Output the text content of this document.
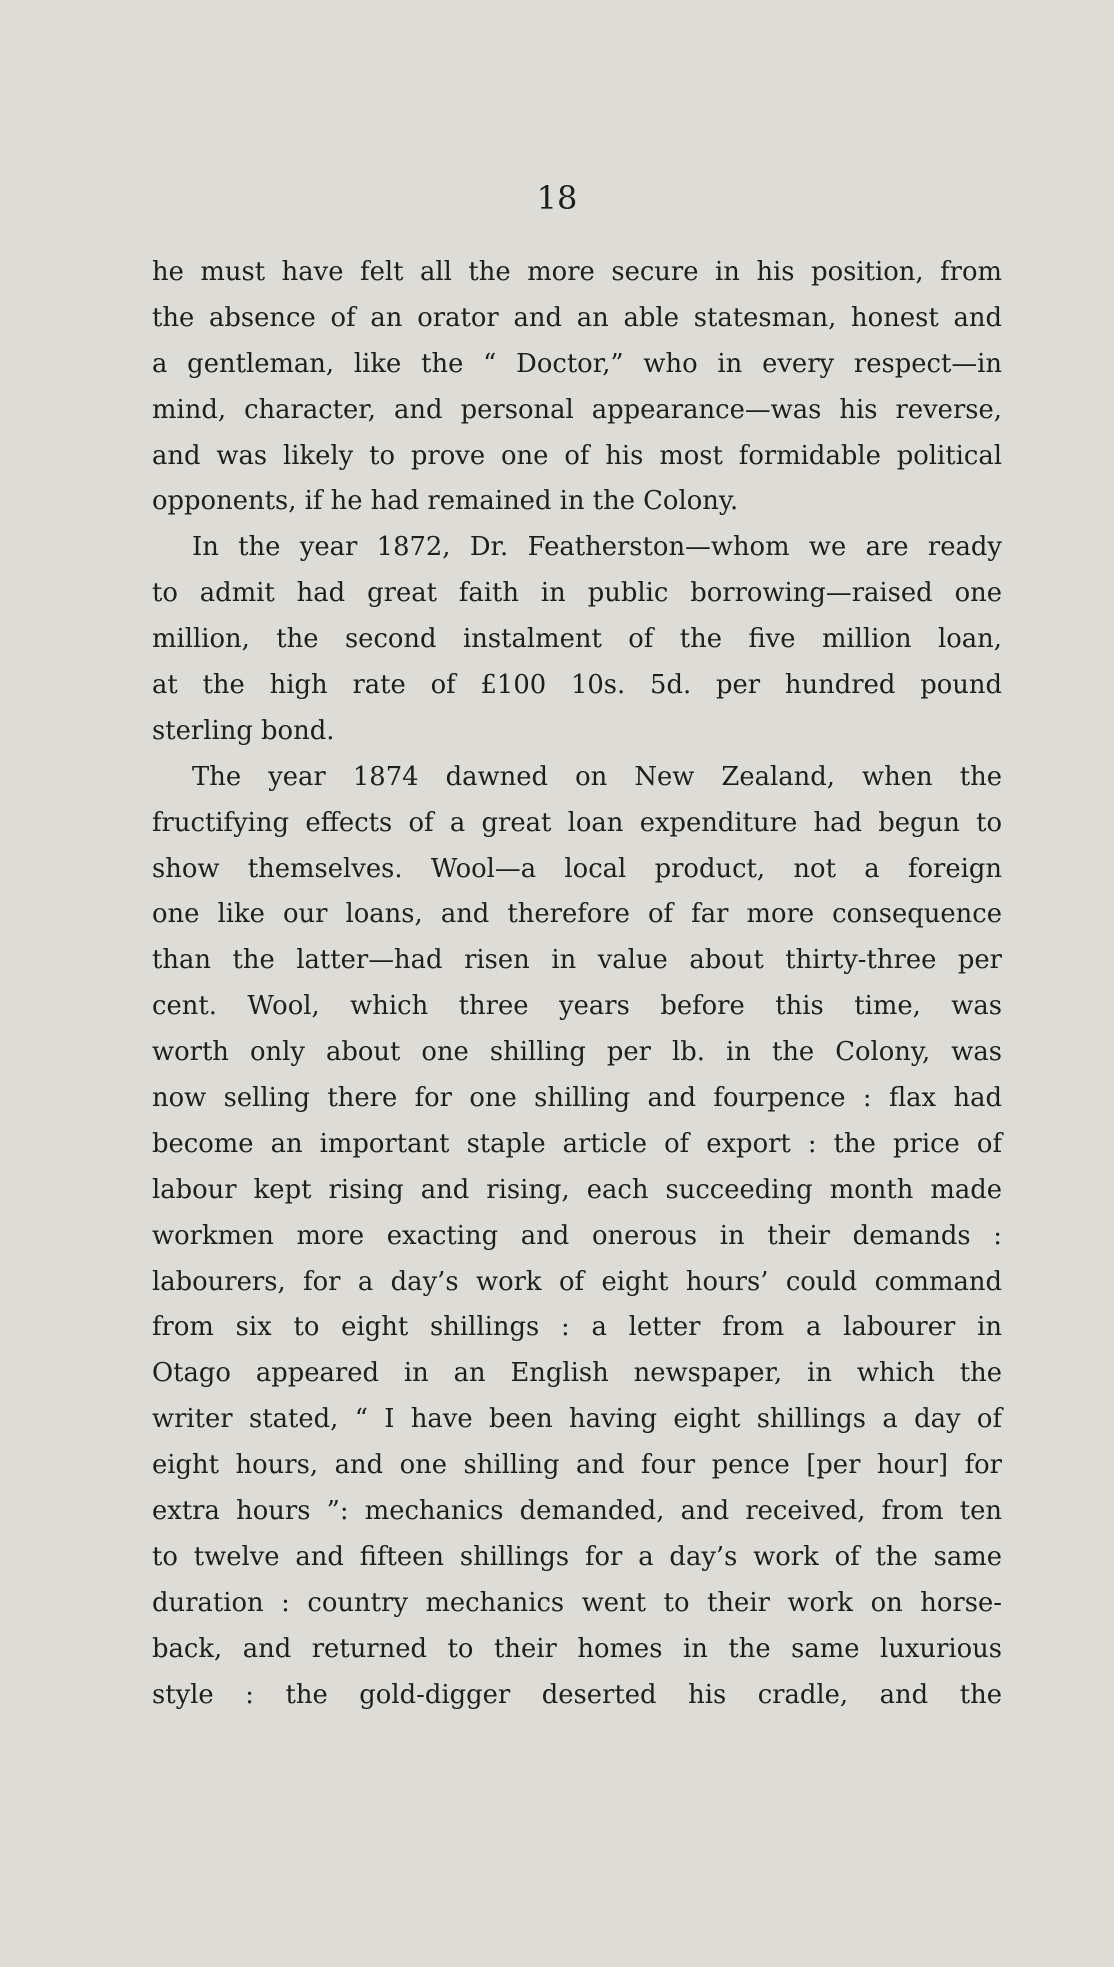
18
he must have felt all the more secure in his position, from
the absence of an orator and an able statesman, honest and
a gentleman, like the “ Doctor,” who in every respect—in
mind, character, and personal appearance—was his reverse,
and was likely to prove one of his most formidable political
opponents, if he had remained in the Colony.
In the year 1872, Dr. Featherston—whom we are ready
to admit had great faith in public borrowing—raised one
million, the second instalment of the five million loan,
at the high rate of £100 10s. 5d. per hundred pound
sterling bond.
The year 1874 dawned on New Zealand, when the
fructifying effects of a great loan expenditure had begun to
show themselves. Wool—a local product, not a foreign
one like our loans, and therefore of far more consequence
than the latter—had risen in value about thirty-three per
cent. Wool, which three years before this time, was
worth only about one shilling per lb. in the Colony, was
now selling there for one shilling and fourpence : flax had
become an important staple article of export : the price of
labour kept rising and rising, each succeeding month made
workmen more exacting and onerous in their demands :
labourers, for a day’s work of eight hours’ could command
from six to eight shillings : a letter from a labourer in
Otago appeared in an English newspaper, in which the
writer stated, “ I have been having eight shillings a day of
eight hours, and one shilling and four pence [per hour] for
extra hours ”: mechanics demanded, and received, from ten
to twelve and fifteen shillings for a day’s work of the same
duration : country mechanics went to their work on horse-
back, and returned to their homes in the same luxurious
style : the gold-digger deserted his cradle, and the
